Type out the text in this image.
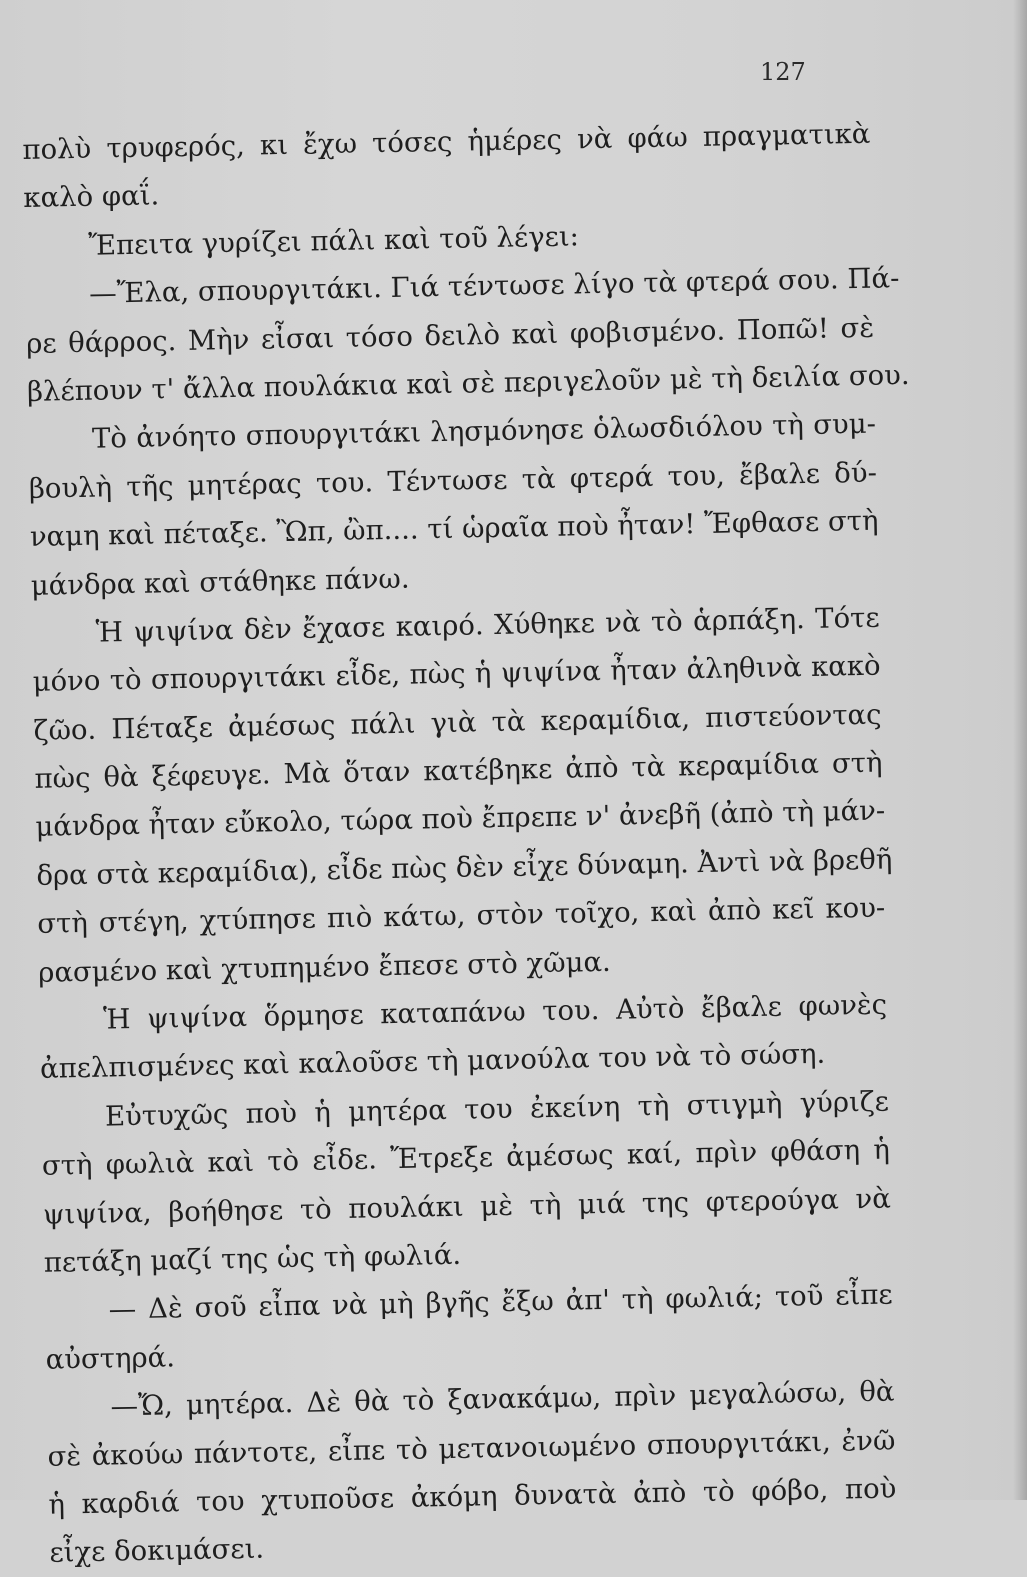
127
πολὺ τρυφερός, κι ἔχω τόσες ἡμέρες νὰ φάω πραγματικὰ
καλὸ φαΐ.
Ἔπειτα γυρίζει πάλι καὶ τοῦ λέγει:
—Ἔλα, σπουργιτάκι. Γιά τέντωσε λίγο τὰ φτερά σου. Πά-
ρε θάρρος. Μὴν εἶσαι τόσο δειλὸ καὶ φοβισμένο. Ποπῶ! σὲ
βλέπουν τ' ἄλλα πουλάκια καὶ σὲ περιγελοῦν μὲ τὴ δειλία σου.
Τὸ ἀνόητο σπουργιτάκι λησμόνησε ὁλωσδιόλου τὴ συμ-
βουλὴ τῆς μητέρας του. Τέντωσε τὰ φτερά του, ἔβαλε δύ-
ναμη καὶ πέταξε. Ὢπ, ὢπ.... τί ὡραῖα ποὺ ἦταν! Ἔφθασε στὴ
μάνδρα καὶ στάθηκε πάνω.
Ἡ ψιψίνα δὲν ἔχασε καιρό. Χύθηκε νὰ τὸ ἁρπάξη. Τότε
μόνο τὸ σπουργιτάκι εἶδε, πὼς ἡ ψιψίνα ἦταν ἀληθινὰ κακὸ
ζῶο. Πέταξε ἀμέσως πάλι γιὰ τὰ κεραμίδια, πιστεύοντας
πὼς θὰ ξέφευγε. Μὰ ὅταν κατέβηκε ἀπὸ τὰ κεραμίδια στὴ
μάνδρα ἦταν εὔκολο, τώρα ποὺ ἔπρεπε ν' ἀνεβῆ (ἀπὸ τὴ μάν-
δρα στὰ κεραμίδια), εἶδε πὼς δὲν εἶχε δύναμη. Ἀντὶ νὰ βρεθῆ
στὴ στέγη, χτύπησε πιὸ κάτω, στὸν τοῖχο, καὶ ἀπὸ κεῖ κου-
ρασμένο καὶ χτυπημένο ἔπεσε στὸ χῶμα.
Ἡ ψιψίνα ὅρμησε καταπάνω του. Αὐτὸ ἔβαλε φωνὲς
ἀπελπισμένες καὶ καλοῦσε τὴ μανούλα του νὰ τὸ σώση.
Εὐτυχῶς ποὺ ἡ μητέρα του ἐκείνη τὴ στιγμὴ γύριζε
στὴ φωλιὰ καὶ τὸ εἶδε. Ἔτρεξε ἀμέσως καί, πρὶν φθάση ἡ
ψιψίνα, βοήθησε τὸ πουλάκι μὲ τὴ μιά της φτερούγα νὰ
πετάξη μαζί της ὡς τὴ φωλιά.
— Δὲ σοῦ εἶπα νὰ μὴ βγῆς ἔξω ἀπ' τὴ φωλιά; τοῦ εἶπε
αὐστηρά.
—Ὤ, μητέρα. Δὲ θὰ τὸ ξανακάμω, πρὶν μεγαλώσω, θὰ
σὲ ἀκούω πάντοτε, εἶπε τὸ μετανοιωμένο σπουργιτάκι, ἐνῶ
ἡ καρδιά του χτυποῦσε ἀκόμη δυνατὰ ἀπὸ τὸ φόβο, ποὺ
εἶχε δοκιμάσει.
